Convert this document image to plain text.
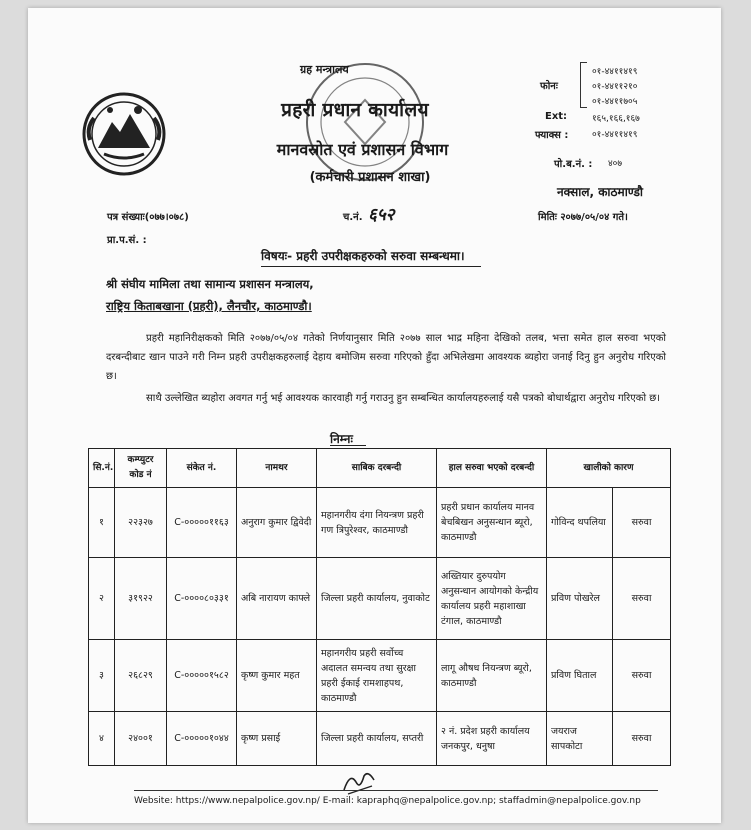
ग्रह मन्त्रालय
प्रहरी प्रधान कार्यालय
मानवस्रोत एवं प्रशासन विभाग
(कर्मचारी प्रशासन शाखा)
फोनः
०१-४४११४१९
०१-४४११२१०
०१-४४११७०५
Ext:	१६५,१६६,१६७
फ्याक्स :	०१-४४११४१९
पो.ब.नं. : ४०७
नक्साल, काठमाण्डौ
पत्र संख्याः(०७७।०७८)	च.नं. ६५२	मितिः २०७७/०५/०४ गते।
प्रा.प.सं. :
विषयः- प्रहरी उपरीक्षकहरुको सरुवा सम्बन्धमा।
श्री संघीय मामिला तथा सामान्य प्रशासन मन्त्रालय,
राष्ट्रिय किताबखाना (प्रहरी), लैनचौर, काठमाण्डौ।
प्रहरी महानिरीक्षकको मिति २०७७/०५/०४ गतेको निर्णयानुसार मिति २०७७ साल भाद्र महिना देखिको तलब, भत्ता समेत हाल सरुवा भएको दरबन्दीबाट खान पाउने गरी निम्न प्रहरी उपरीक्षकहरुलाई देहाय बमोजिम सरुवा गरिएको हुँदा अभिलेखमा आवश्यक ब्यहोरा जनाई दिनु हुन अनुरोध गरिएको छ।
साथै उल्लेखित ब्यहोरा अवगत गर्नु भई आवश्यक कारवाही गर्नु गराउनु हुन सम्बन्धित कार्यालयहरुलाई यसै पत्रको बोधार्थद्वारा अनुरोध गरिएको छ।
निम्नः
सि.नं.	कम्प्युटर कोड नं	संकेत नं.	नामथर	साबिक दरबन्दी	हाल सरुवा भएको दरबन्दी	खालीको कारण	
१	२२३२७	C-०००००११६३	अनुराग कुमार द्विवेदी	महानगरीय दंगा नियन्त्रण प्रहरी गण त्रिपुरेश्वर, काठमाण्डौ	प्रहरी प्रधान कार्यालय मानव बेचबिखन अनुसन्धान ब्यूरो, काठमाण्डौ	गोविन्द थपलिया	सरुवा
२	३१९२२	C-००००८०३३१	अबि नारायण काफ्ले	जिल्ला प्रहरी कार्यालय, नुवाकोट	अख्तियार दुरुपयोग अनुसन्धान आयोगको केन्द्रीय कार्यालय प्रहरी महाशाखा टंगाल, काठमाण्डौ	प्रविण पोखरेल	सरुवा
३	२६८२९	C-०००००१५८२	कृष्ण कुमार महत	महानगरीय प्रहरी सर्वोच्च अदालत समन्वय तथा सुरक्षा प्रहरी ईकाई रामशाहपथ, काठमाण्डौ	लागू औषध नियन्त्रण ब्यूरो, काठमाण्डौ	प्रविण घिताल	सरुवा
४	२४००१	C-०००००१०४४	कृष्ण प्रसाई	जिल्ला प्रहरी कार्यालय, सप्तरी	२ नं. प्रदेश प्रहरी कार्यालय जनकपुर, धनुषा	जयराज सापकोटा	सरुवा
Website: https://www.nepalpolice.gov.np/ E-mail: kapraphq@nepalpolice.gov.np; staffadmin@nepalpolice.gov.np
